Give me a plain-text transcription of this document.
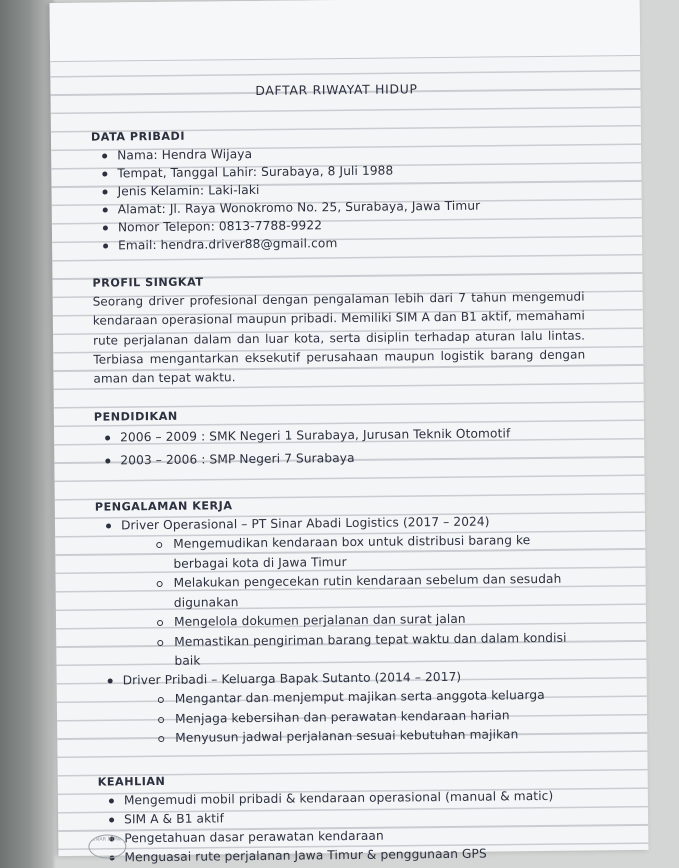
DAFTAR RIWAYAT HIDUP
DATA PRIBADI
Nama: Hendra Wijaya
Tempat, Tanggal Lahir: Surabaya, 8 Juli 1988
Jenis Kelamin: Laki-laki
Alamat: Jl. Raya Wonokromo No. 25, Surabaya, Jawa Timur
Nomor Telepon: 0813-7788-9922
Email: hendra.driver88@gmail.com
PROFIL SINGKAT

Seorang driver profesional dengan pengalaman lebih dari 7 tahun mengemudi kendaraan operasional maupun pribadi. Memiliki SIM A dan B1 aktif, memahami rute perjalanan dalam dan luar kota, serta disiplin terhadap aturan lalu lintas. Terbiasa mengantarkan eksekutif perusahaan maupun logistik barang dengan aman dan tepat waktu.

PENDIDIKAN
2006 – 2009 : SMK Negeri 1 Surabaya, Jurusan Teknik Otomotif
2003 – 2006 : SMP Negeri 7 Surabaya
PENGALAMAN KERJA
Driver Operasional – PT Sinar Abadi Logistics (2017 – 2024)
Mengemudikan kendaraan box untuk distribusi barang ke berbagai kota di Jawa Timur
Melakukan pengecekan rutin kendaraan sebelum dan sesudah digunakan
Mengelola dokumen perjalanan dan surat jalan
Memastikan pengiriman barang tepat waktu dan dalam kondisi baik
Driver Pribadi – Keluarga Bapak Sutanto (2014 – 2017)
Mengantar dan menjemput majikan serta anggota keluarga
Menjaga kebersihan dan perawatan kendaraan harian
Menyusun jadwal perjalanan sesuai kebutuhan majikan
KEAHLIAN
Mengemudi mobil pribadi & kendaraan operasional (manual & matic)
SIM A & B1 aktif
Pengetahuan dasar perawatan kendaraan
Menguasai rute perjalanan Jawa Timur & penggunaan GPS
SINAR DUNIA
